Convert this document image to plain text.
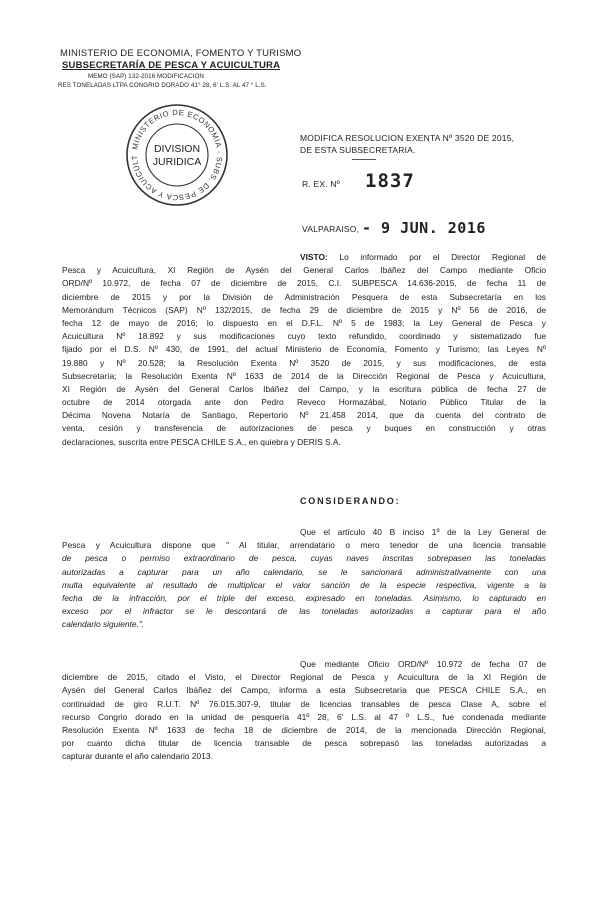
MINISTERIO DE ECONOMIA, FOMENTO Y TURISMO
SUBSECRETARÍA DE PESCA Y ACUICULTURA
MEMO (SAP) 132-2016 MODIFICACION
RES TONELADAS LTPA CONGRIO DORADO 41° 28, 6' L.S. AL 47 ° L.S.
MINISTERIO DE ECONOMIA - SUBS. DE PESCA Y ACUICULT
DIVISION
JURIDICA
MODIFICA RESOLUCION EXENTA Nº 3520 DE 2015,
DE ESTA SUBSECRETARIA.
R. EX. Nº 1837
VALPARAISO, - 9 JUN. 2016
VISTO: Lo informado por el Director Regional de
Pesca y Acuicultura, XI Región de Aysén del General Carlos Ibáñez del Campo mediante Oficio
ORD/Nº 10.972, de fecha 07 de diciembre de 2015, C.I. SUBPESCA 14.636-2015, de fecha 11 de
diciembre de 2015 y por la División de Administración Pesquera de esta Subsecretaría en los
Memorándum Técnicos (SAP) Nº 132/2015, de fecha 29 de diciembre de 2015 y Nº 56 de 2016, de
fecha 12 de mayo de 2016; lo dispuesto en el D.F.L. Nº 5 de 1983; la Ley General de Pesca y
Acuicultura Nº 18.892 y sus modificaciones cuyo texto refundido, coordinado y sistematizado fue
fijado por el D.S. Nº 430, de 1991, del actual Ministerio de Economía, Fomento y Turismo; las Leyes Nº
19.880 y Nº 20.528; la Resolución Exenta Nº 3520 de 2015, y sus modificaciones, de esta
Subsecretaría; la Resolución Exenta Nº 1633 de 2014 de la Dirección Regional de Pesca y Acuicultura,
XI Región de Aysén del General Carlos Ibáñez del Campo, y la escritura pública de fecha 27 de
octubre de 2014 otorgada ante don Pedro Reveco Hormazábal, Notario Público Titular de la
Décima Novena Notaría de Santiago, Repertorio Nº 21.458 2014, que da cuenta del contrato de
venta, cesión y transferencia de autorizaciones de pesca y buques en construcción y otras
declaraciones, suscrita entre PESCA CHILE S.A., en quiebra y DERIS S.A.
CONSIDERANDO:
Que el artículo 40 B inciso 1º de la Ley General de
Pesca y Acuicultura dispone que " Al titular, arrendatario o mero tenedor de una licencia transable
de pesca o permiso extraordinario de pesca, cuyas naves inscritas sobrepasen las toneladas
autorizadas a capturar para un año calendario, se le sancionará administrativamente con una
multa equivalente al resultado de multiplicar el valor sanción de la especie respectiva, vigente a la
fecha de la infracción, por el triple del exceso, expresado en toneladas. Asimismo, lo capturado en
exceso por el infractor se le descontará de las toneladas autorizadas a capturar para el año
calendario siguiente.".
Que mediante Oficio ORD/Nº 10.972 de fecha 07 de
diciembre de 2015, citado el Visto, el Director Regional de Pesca y Acuicultura de la XI Región de
Aysén del General Carlos Ibáñez del Campo, informa a esta Subsecretaría que PESCA CHILE S.A., en
continuidad de giro R.U.T. Nº 76.015.307-9, titular de licencias transables de pesca Clase A, sobre el
recurso Congrio dorado en la unidad de pesquería 41º 28, 6' L.S. al 47 º L.S., fue condenada mediante
Resolución Exenta Nº 1633 de fecha 18 de diciembre de 2014, de la mencionada Dirección Regional,
por cuanto dicha titular de licencia transable de pesca sobrepasó las toneladas autorizadas a
capturar durante el año calendario 2013.
